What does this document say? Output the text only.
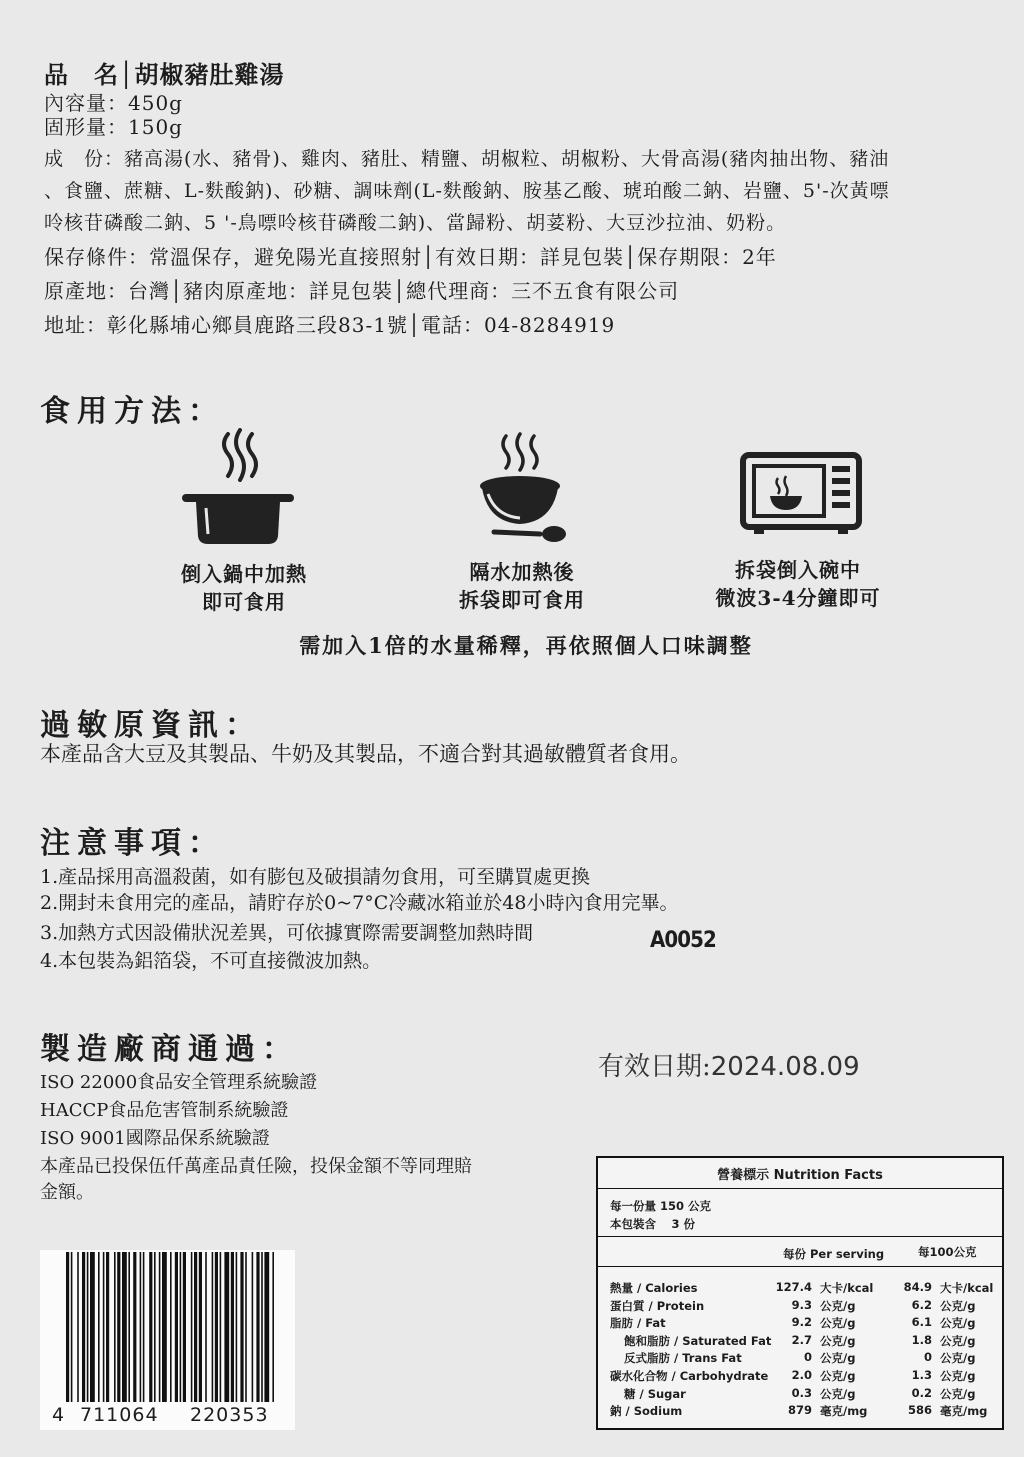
品　名│胡椒豬肚雞湯
內容量：450g
固形量：150g
成　份：豬高湯(水、豬骨)、雞肉、豬肚、精鹽、胡椒粒、胡椒粉、大骨高湯(豬肉抽出物、豬油
、食鹽、蔗糖、L-麩酸鈉)、砂糖、調味劑(L-麩酸鈉、胺基乙酸、琥珀酸二鈉、岩鹽、5'-次黃嘌
呤核苷磷酸二鈉、5 '-鳥嘌呤核苷磷酸二鈉)、當歸粉、胡荽粉、大豆沙拉油、奶粉。
保存條件：常溫保存，避免陽光直接照射│有效日期：詳見包裝│保存期限：2年
原產地：台灣│豬肉原產地：詳見包裝│總代理商：三不五食有限公司
地址：彰化縣埔心鄉員鹿路三段83-1號│電話：04-8284919
食用方法：
倒入鍋中加熱
即可食用
隔水加熱後
拆袋即可食用
拆袋倒入碗中
微波3-4分鐘即可
需加入1倍的水量稀釋，再依照個人口味調整
過敏原資訊：
本產品含大豆及其製品、牛奶及其製品，不適合對其過敏體質者食用。
注意事項：
1.產品採用高溫殺菌，如有膨包及破損請勿食用，可至購買處更換
2.開封未食用完的產品，請貯存於0~7°C冷藏冰箱並於48小時內食用完畢。
3.加熱方式因設備狀況差異，可依據實際需要調整加熱時間
4.本包裝為鋁箔袋，不可直接微波加熱。
A0052
製造廠商通過：
ISO 22000食品安全管理系統驗證
HACCP食品危害管制系統驗證
ISO 9001國際品保系統驗證
本產品已投保伍仟萬產品責任險，投保金額不等同理賠
金額。
有效日期:2024.08.09
營養標示 Nutrition Facts
每一份量 150 公克
本包裝含　 3 份
每份 Per serving	每100公克
熱量 / Calories	127.4 大卡/kcal	84.9 大卡/kcal
蛋白質 / Protein	9.3 公克/g	6.2 公克/g
脂肪 / Fat	9.2 公克/g	6.1 公克/g
飽和脂肪 / Saturated Fat	2.7 公克/g	1.8 公克/g
反式脂肪 / Trans Fat	0 公克/g	0 公克/g
碳水化合物 / Carbohydrate	2.0 公克/g	1.3 公克/g
糖 / Sugar	0.3 公克/g	0.2 公克/g
鈉 / Sodium	879 毫克/mg	586 毫克/mg
4 711064 220353
